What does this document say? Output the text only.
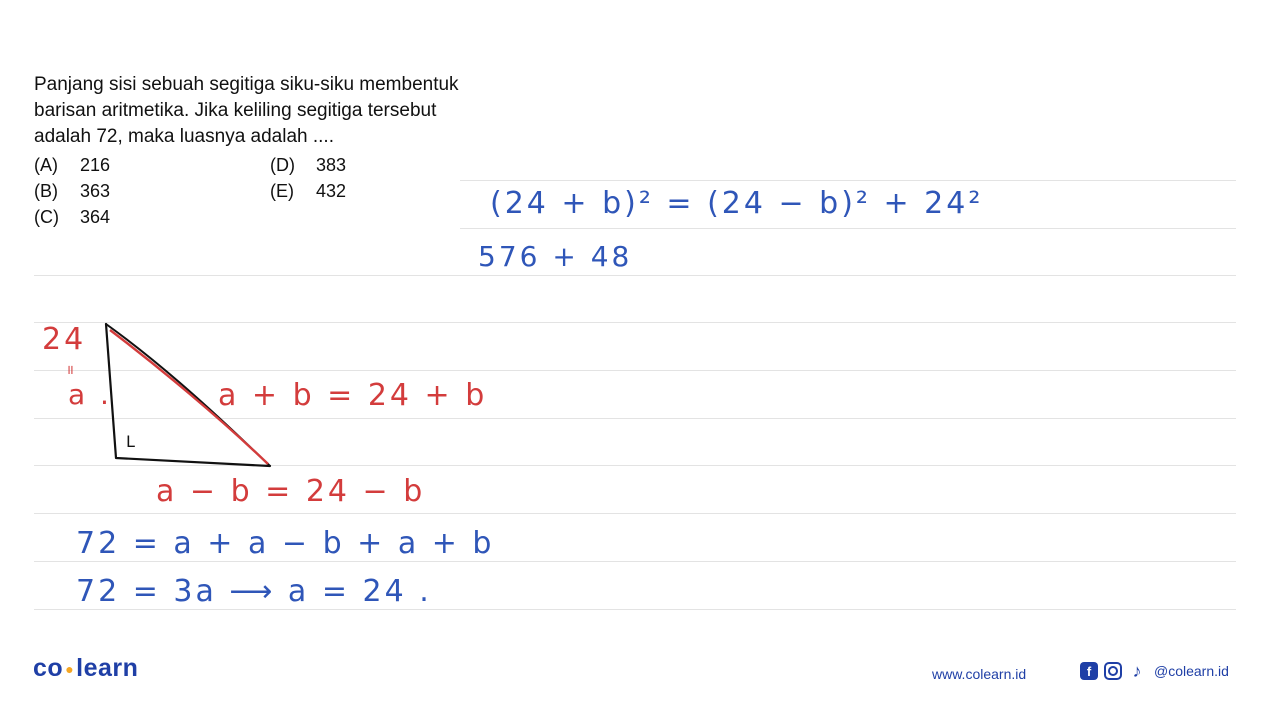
Panjang sisi sebuah segitiga siku-siku membentuk

barisan aritmetika. Jika keliling segitiga tersebut

adalah 72, maka luasnya adalah ....

(A)	216
(B)	363
(C)	364
(D)	383
(E)	432	(24 + b)² = (24 − b)² + 24²
576 + 48
24
॥
a .
L
a + b = 24 + b
a − b = 24 − b
72 = a + a − b + a + b
72 = 3a ⟶ a = 24 .
co ●learn	www.colearn.id	f	♪ @colearn.id
